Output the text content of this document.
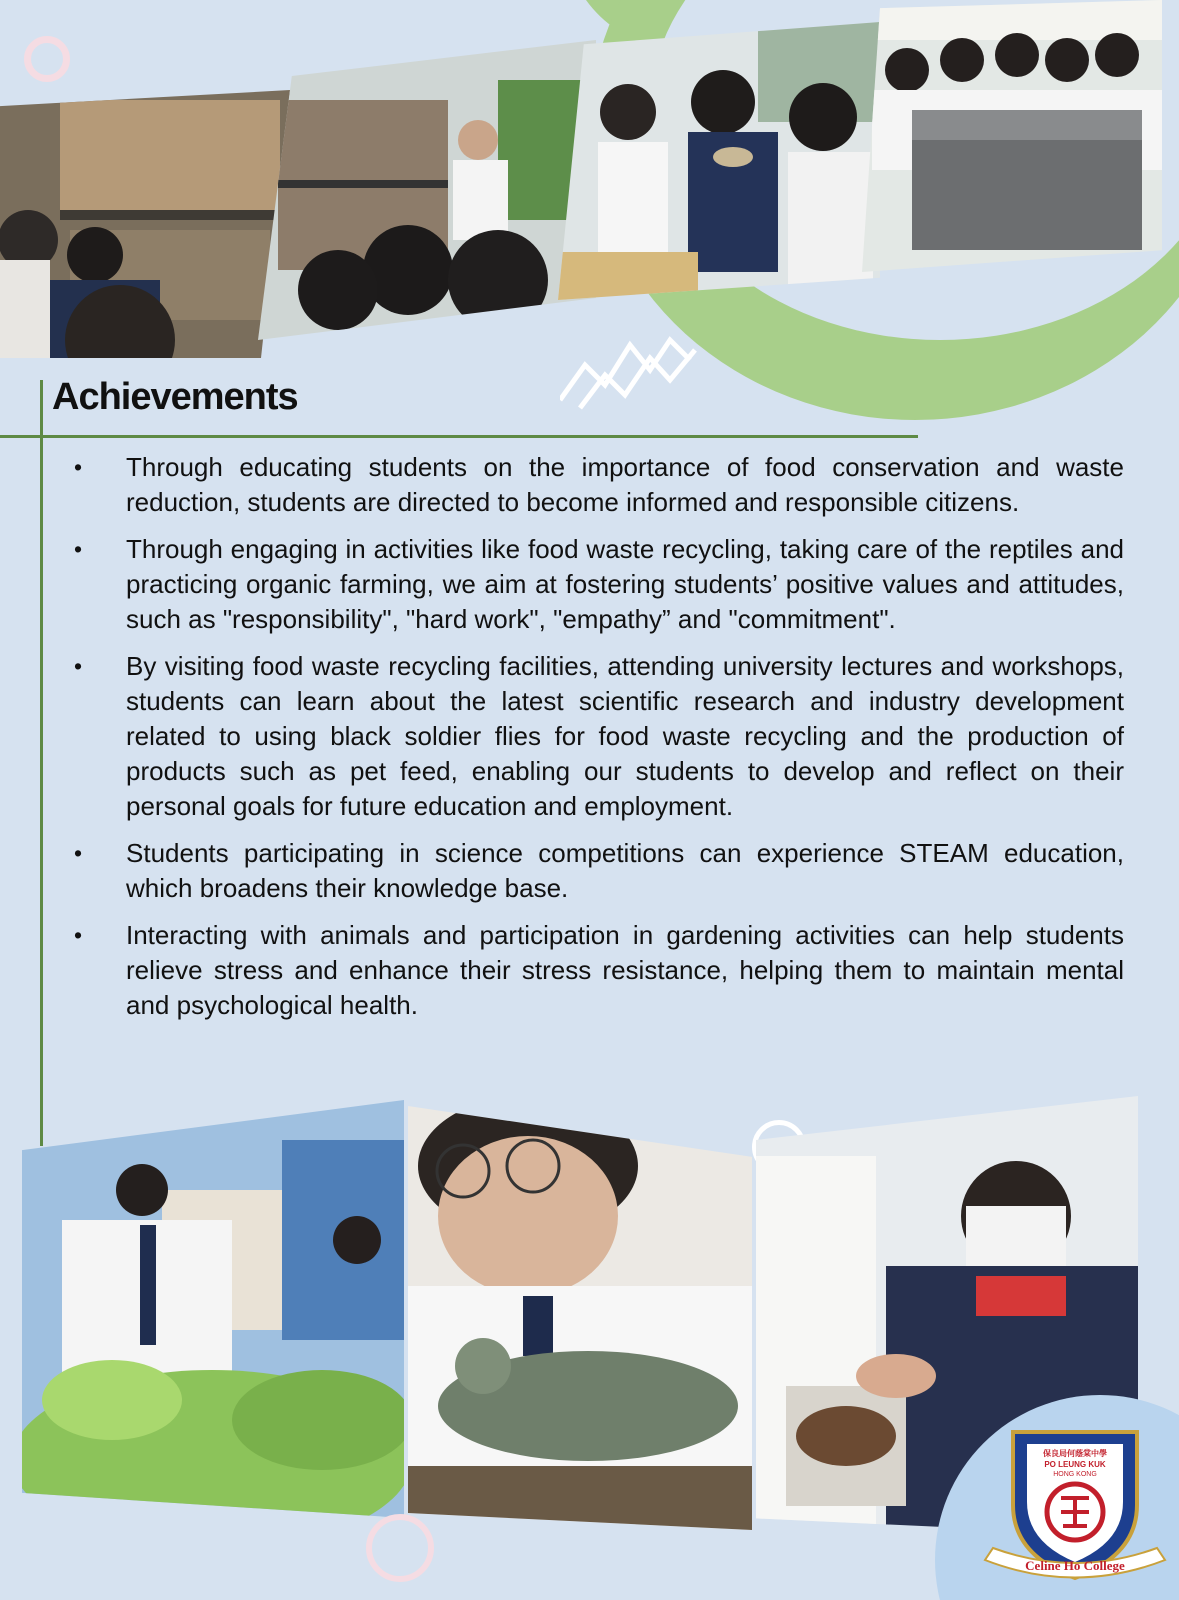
Achievements
• Through educating students on the importance of food conservation and waste reduction, students are directed to become informed and responsible citizens.
• Through engaging in activities like food waste recycling, taking care of the reptiles and practicing organic farming, we aim at fostering students’ positive values and attitudes, such as "responsibility", "hard work", "empathy” and "commitment".
• By visiting food waste recycling facilities, attending university lectures and workshops, students can learn about the latest scientific research and industry development related to using black soldier flies for food waste recycling and the production of products such as pet feed, enabling our students to develop and reflect on their personal goals for future education and employment.
• Students participating in science competitions can experience STEAM education, which broadens their knowledge base.
• Interacting with animals and participation in gardening activities can help students relieve stress and enhance their stress resistance, helping them to maintain mental and psychological health.
保良局何蔭棠中學
PO LEUNG KUK
HONG KONG
Celine Ho College
